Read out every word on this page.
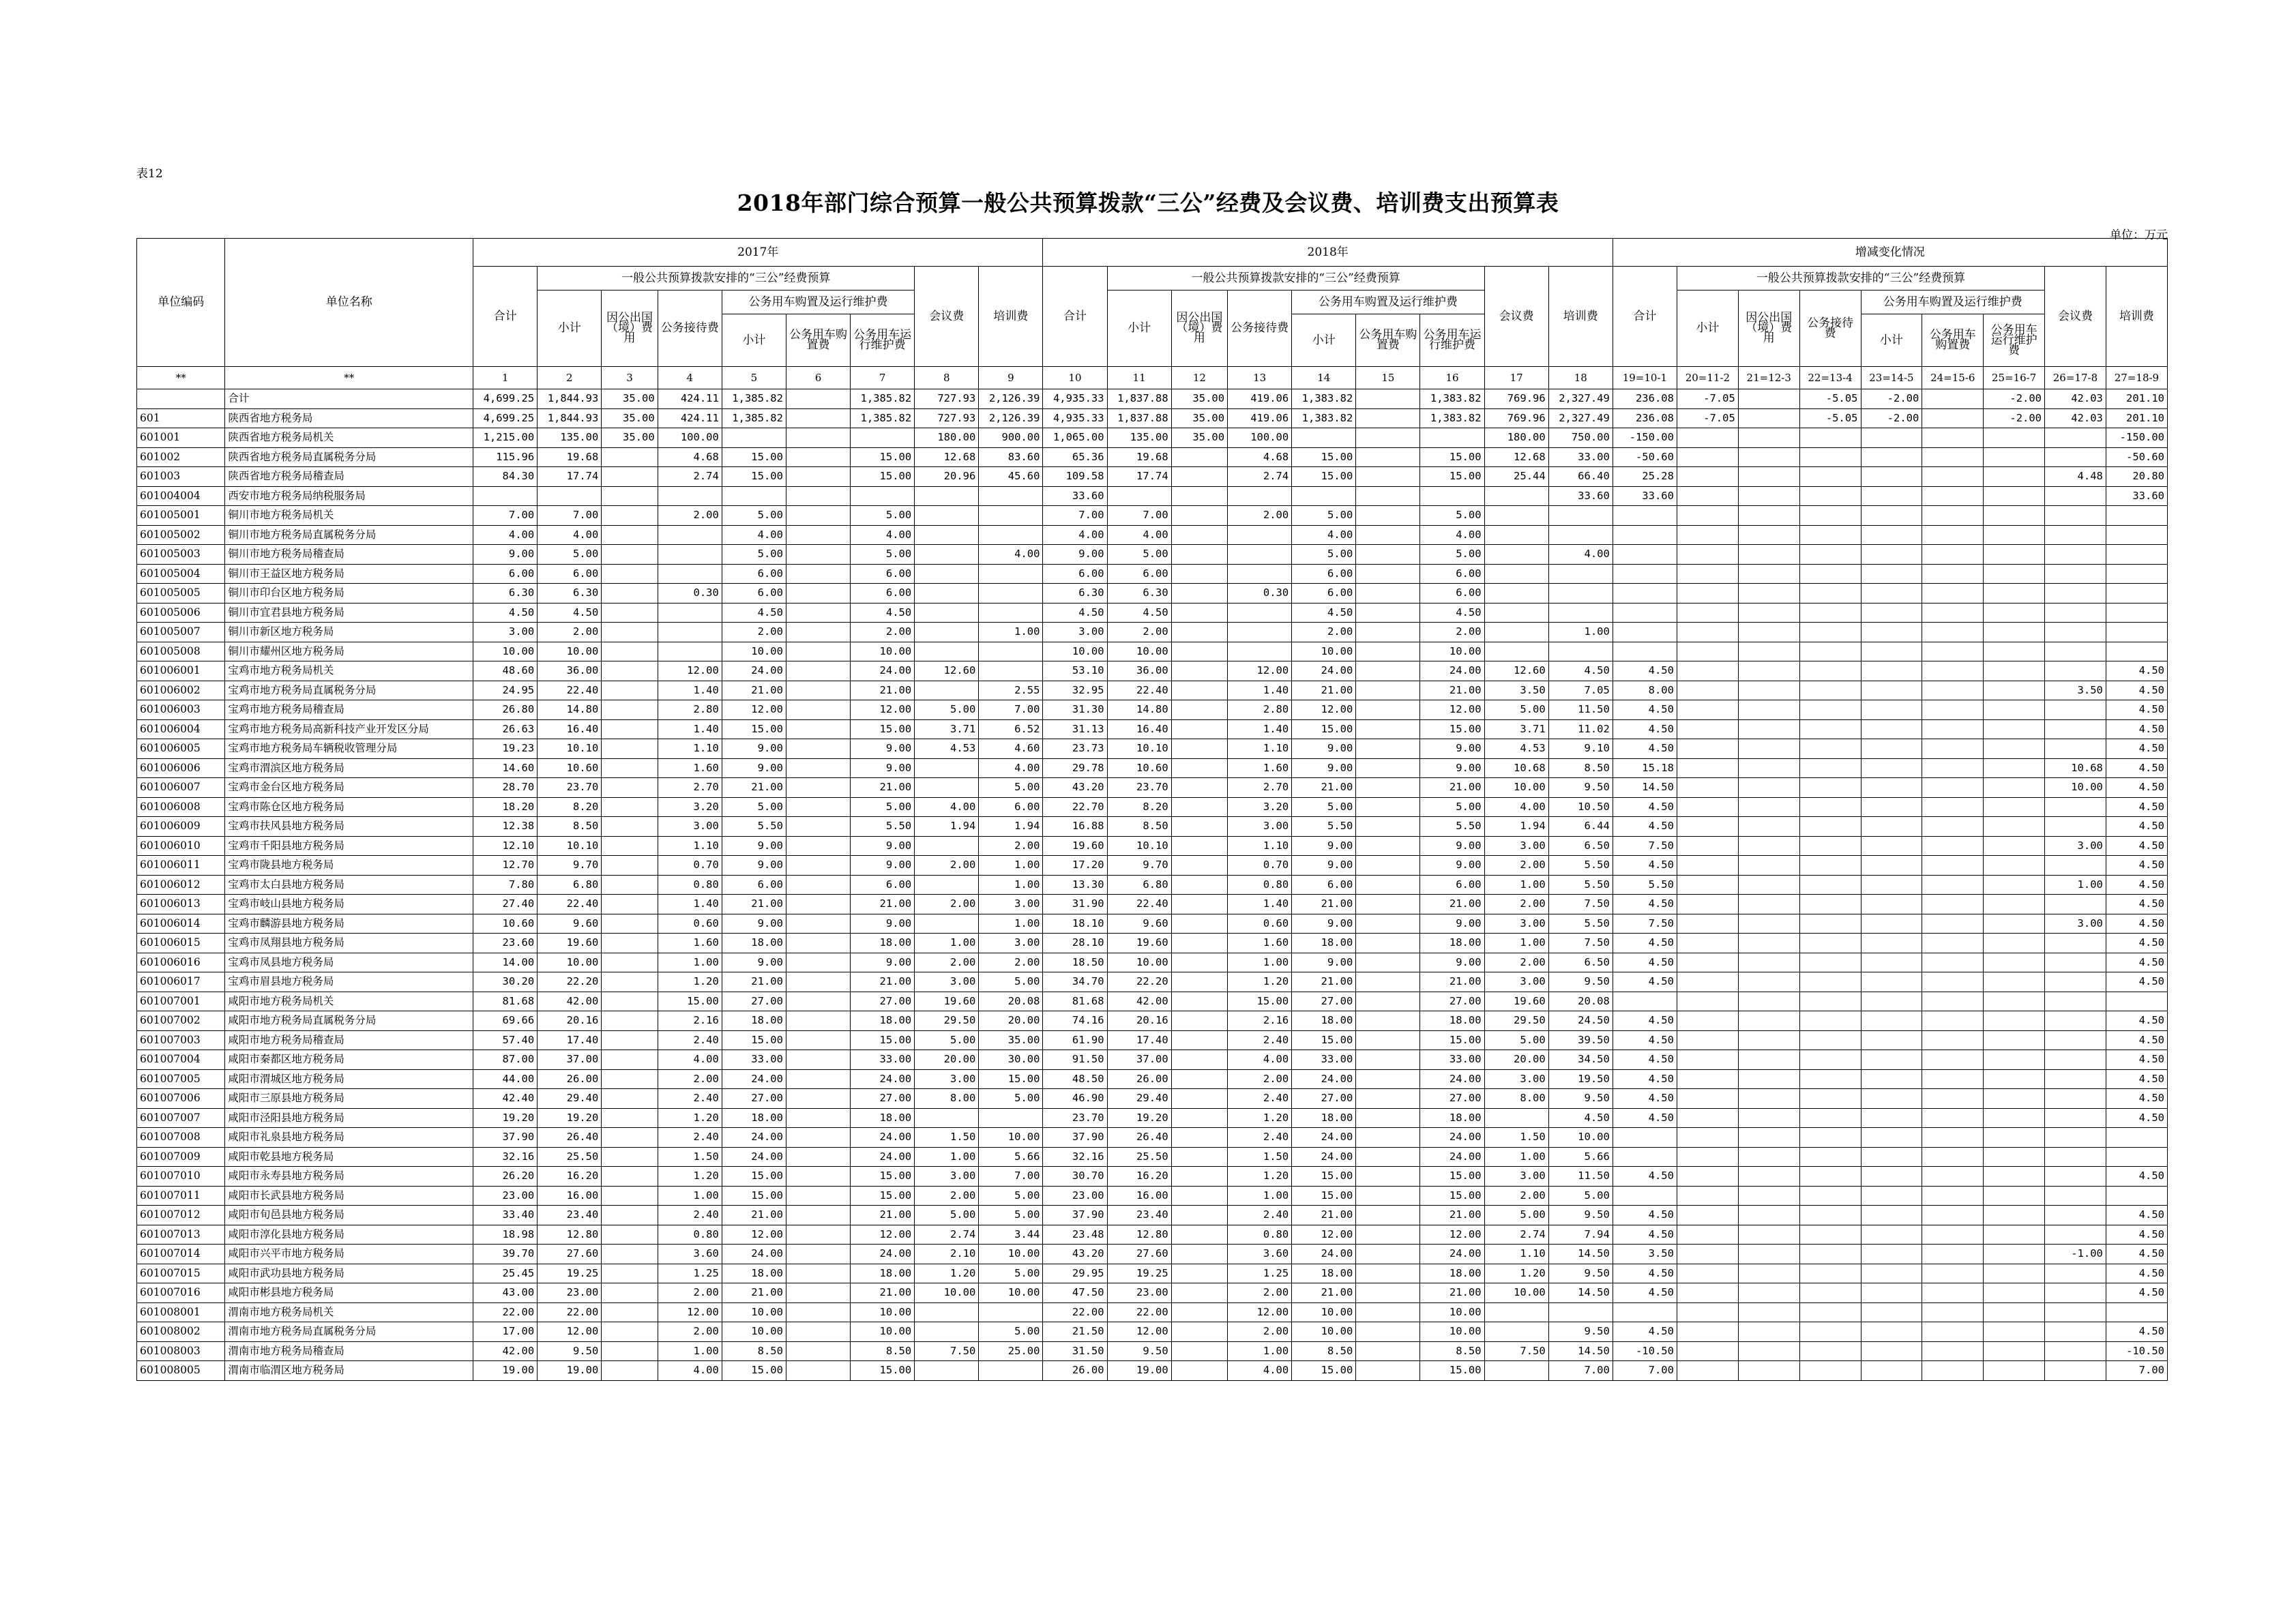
表12
2018年部门综合预算一般公共预算拨款“三公”经费及会议费、培训费支出预算表
单位：万元
单位编码	单位名称	2017年									2018年									增减变化情况								
		合计	一般公共预算拨款安排的“三公”经费预算						会议费	培训费	合计	一般公共预算拨款安排的“三公”经费预算						会议费	培训费	合计	一般公共预算拨款安排的“三公”经费预算						会议费	培训费
			小计	因公出国（境）费用	公务接待费	公务用车购置及运行维护费						小计	因公出国（境）费用	公务接待费	公务用车购置及运行维护费						小计	因公出国（境）费用	公务接待费	公务用车购置及运行维护费				
						小计	公务用车购置费	公务用车运行维护费							小计	公务用车购置费	公务用车运行维护费							小计	公务用车购置费	公务用车运行维护费		
**	**	1	2	3	4	5	6	7	8	9	10	11	12	13	14	15	16	17	18	19=10-1	20=11-2	21=12-3	22=13-4	23=14-5	24=15-6	25=16-7	26=17-8	27=18-9
	合计	4,699.25	1,844.93	35.00	424.11	1,385.82		1,385.82	727.93	2,126.39	4,935.33	1,837.88	35.00	419.06	1,383.82		1,383.82	769.96	2,327.49	236.08	-7.05		-5.05	-2.00		-2.00	42.03	201.10
601	陕西省地方税务局	4,699.25	1,844.93	35.00	424.11	1,385.82		1,385.82	727.93	2,126.39	4,935.33	1,837.88	35.00	419.06	1,383.82		1,383.82	769.96	2,327.49	236.08	-7.05		-5.05	-2.00		-2.00	42.03	201.10
601001	陕西省地方税务局机关	1,215.00	135.00	35.00	100.00				180.00	900.00	1,065.00	135.00	35.00	100.00				180.00	750.00	-150.00								-150.00
601002	陕西省地方税务局直属税务分局	115.96	19.68		4.68	15.00		15.00	12.68	83.60	65.36	19.68		4.68	15.00		15.00	12.68	33.00	-50.60								-50.60
601003	陕西省地方税务局稽查局	84.30	17.74		2.74	15.00		15.00	20.96	45.60	109.58	17.74		2.74	15.00		15.00	25.44	66.40	25.28							4.48	20.80
601004004	西安市地方税务局纳税服务局										33.60								33.60	33.60								33.60
601005001	铜川市地方税务局机关	7.00	7.00		2.00	5.00		5.00			7.00	7.00		2.00	5.00		5.00											
601005002	铜川市地方税务局直属税务分局	4.00	4.00			4.00		4.00			4.00	4.00			4.00		4.00											
601005003	铜川市地方税务局稽查局	9.00	5.00			5.00		5.00		4.00	9.00	5.00			5.00		5.00		4.00									
601005004	铜川市王益区地方税务局	6.00	6.00			6.00		6.00			6.00	6.00			6.00		6.00											
601005005	铜川市印台区地方税务局	6.30	6.30		0.30	6.00		6.00			6.30	6.30		0.30	6.00		6.00											
601005006	铜川市宜君县地方税务局	4.50	4.50			4.50		4.50			4.50	4.50			4.50		4.50											
601005007	铜川市新区地方税务局	3.00	2.00			2.00		2.00		1.00	3.00	2.00			2.00		2.00		1.00									
601005008	铜川市耀州区地方税务局	10.00	10.00			10.00		10.00			10.00	10.00			10.00		10.00											
601006001	宝鸡市地方税务局机关	48.60	36.00		12.00	24.00		24.00	12.60		53.10	36.00		12.00	24.00		24.00	12.60	4.50	4.50								4.50
601006002	宝鸡市地方税务局直属税务分局	24.95	22.40		1.40	21.00		21.00		2.55	32.95	22.40		1.40	21.00		21.00	3.50	7.05	8.00							3.50	4.50
601006003	宝鸡市地方税务局稽查局	26.80	14.80		2.80	12.00		12.00	5.00	7.00	31.30	14.80		2.80	12.00		12.00	5.00	11.50	4.50								4.50
601006004	宝鸡市地方税务局高新科技产业开发区分局	26.63	16.40		1.40	15.00		15.00	3.71	6.52	31.13	16.40		1.40	15.00		15.00	3.71	11.02	4.50								4.50
601006005	宝鸡市地方税务局车辆税收管理分局	19.23	10.10		1.10	9.00		9.00	4.53	4.60	23.73	10.10		1.10	9.00		9.00	4.53	9.10	4.50								4.50
601006006	宝鸡市渭滨区地方税务局	14.60	10.60		1.60	9.00		9.00		4.00	29.78	10.60		1.60	9.00		9.00	10.68	8.50	15.18							10.68	4.50
601006007	宝鸡市金台区地方税务局	28.70	23.70		2.70	21.00		21.00		5.00	43.20	23.70		2.70	21.00		21.00	10.00	9.50	14.50							10.00	4.50
601006008	宝鸡市陈仓区地方税务局	18.20	8.20		3.20	5.00		5.00	4.00	6.00	22.70	8.20		3.20	5.00		5.00	4.00	10.50	4.50								4.50
601006009	宝鸡市扶风县地方税务局	12.38	8.50		3.00	5.50		5.50	1.94	1.94	16.88	8.50		3.00	5.50		5.50	1.94	6.44	4.50								4.50
601006010	宝鸡市千阳县地方税务局	12.10	10.10		1.10	9.00		9.00		2.00	19.60	10.10		1.10	9.00		9.00	3.00	6.50	7.50							3.00	4.50
601006011	宝鸡市陇县地方税务局	12.70	9.70		0.70	9.00		9.00	2.00	1.00	17.20	9.70		0.70	9.00		9.00	2.00	5.50	4.50								4.50
601006012	宝鸡市太白县地方税务局	7.80	6.80		0.80	6.00		6.00		1.00	13.30	6.80		0.80	6.00		6.00	1.00	5.50	5.50							1.00	4.50
601006013	宝鸡市岐山县地方税务局	27.40	22.40		1.40	21.00		21.00	2.00	3.00	31.90	22.40		1.40	21.00		21.00	2.00	7.50	4.50								4.50
601006014	宝鸡市麟游县地方税务局	10.60	9.60		0.60	9.00		9.00		1.00	18.10	9.60		0.60	9.00		9.00	3.00	5.50	7.50							3.00	4.50
601006015	宝鸡市凤翔县地方税务局	23.60	19.60		1.60	18.00		18.00	1.00	3.00	28.10	19.60		1.60	18.00		18.00	1.00	7.50	4.50								4.50
601006016	宝鸡市凤县地方税务局	14.00	10.00		1.00	9.00		9.00	2.00	2.00	18.50	10.00		1.00	9.00		9.00	2.00	6.50	4.50								4.50
601006017	宝鸡市眉县地方税务局	30.20	22.20		1.20	21.00		21.00	3.00	5.00	34.70	22.20		1.20	21.00		21.00	3.00	9.50	4.50								4.50
601007001	咸阳市地方税务局机关	81.68	42.00		15.00	27.00		27.00	19.60	20.08	81.68	42.00		15.00	27.00		27.00	19.60	20.08									
601007002	咸阳市地方税务局直属税务分局	69.66	20.16		2.16	18.00		18.00	29.50	20.00	74.16	20.16		2.16	18.00		18.00	29.50	24.50	4.50								4.50
601007003	咸阳市地方税务局稽查局	57.40	17.40		2.40	15.00		15.00	5.00	35.00	61.90	17.40		2.40	15.00		15.00	5.00	39.50	4.50								4.50
601007004	咸阳市秦都区地方税务局	87.00	37.00		4.00	33.00		33.00	20.00	30.00	91.50	37.00		4.00	33.00		33.00	20.00	34.50	4.50								4.50
601007005	咸阳市渭城区地方税务局	44.00	26.00		2.00	24.00		24.00	3.00	15.00	48.50	26.00		2.00	24.00		24.00	3.00	19.50	4.50								4.50
601007006	咸阳市三原县地方税务局	42.40	29.40		2.40	27.00		27.00	8.00	5.00	46.90	29.40		2.40	27.00		27.00	8.00	9.50	4.50								4.50
601007007	咸阳市泾阳县地方税务局	19.20	19.20		1.20	18.00		18.00			23.70	19.20		1.20	18.00		18.00		4.50	4.50								4.50
601007008	咸阳市礼泉县地方税务局	37.90	26.40		2.40	24.00		24.00	1.50	10.00	37.90	26.40		2.40	24.00		24.00	1.50	10.00									
601007009	咸阳市乾县地方税务局	32.16	25.50		1.50	24.00		24.00	1.00	5.66	32.16	25.50		1.50	24.00		24.00	1.00	5.66									
601007010	咸阳市永寿县地方税务局	26.20	16.20		1.20	15.00		15.00	3.00	7.00	30.70	16.20		1.20	15.00		15.00	3.00	11.50	4.50								4.50
601007011	咸阳市长武县地方税务局	23.00	16.00		1.00	15.00		15.00	2.00	5.00	23.00	16.00		1.00	15.00		15.00	2.00	5.00									
601007012	咸阳市旬邑县地方税务局	33.40	23.40		2.40	21.00		21.00	5.00	5.00	37.90	23.40		2.40	21.00		21.00	5.00	9.50	4.50								4.50
601007013	咸阳市淳化县地方税务局	18.98	12.80		0.80	12.00		12.00	2.74	3.44	23.48	12.80		0.80	12.00		12.00	2.74	7.94	4.50								4.50
601007014	咸阳市兴平市地方税务局	39.70	27.60		3.60	24.00		24.00	2.10	10.00	43.20	27.60		3.60	24.00		24.00	1.10	14.50	3.50							-1.00	4.50
601007015	咸阳市武功县地方税务局	25.45	19.25		1.25	18.00		18.00	1.20	5.00	29.95	19.25		1.25	18.00		18.00	1.20	9.50	4.50								4.50
601007016	咸阳市彬县地方税务局	43.00	23.00		2.00	21.00		21.00	10.00	10.00	47.50	23.00		2.00	21.00		21.00	10.00	14.50	4.50								4.50
601008001	渭南市地方税务局机关	22.00	22.00		12.00	10.00		10.00			22.00	22.00		12.00	10.00		10.00											
601008002	渭南市地方税务局直属税务分局	17.00	12.00		2.00	10.00		10.00		5.00	21.50	12.00		2.00	10.00		10.00		9.50	4.50								4.50
601008003	渭南市地方税务局稽查局	42.00	9.50		1.00	8.50		8.50	7.50	25.00	31.50	9.50		1.00	8.50		8.50	7.50	14.50	-10.50								-10.50
601008005	渭南市临渭区地方税务局	19.00	19.00		4.00	15.00		15.00			26.00	19.00		4.00	15.00		15.00		7.00	7.00								7.00
